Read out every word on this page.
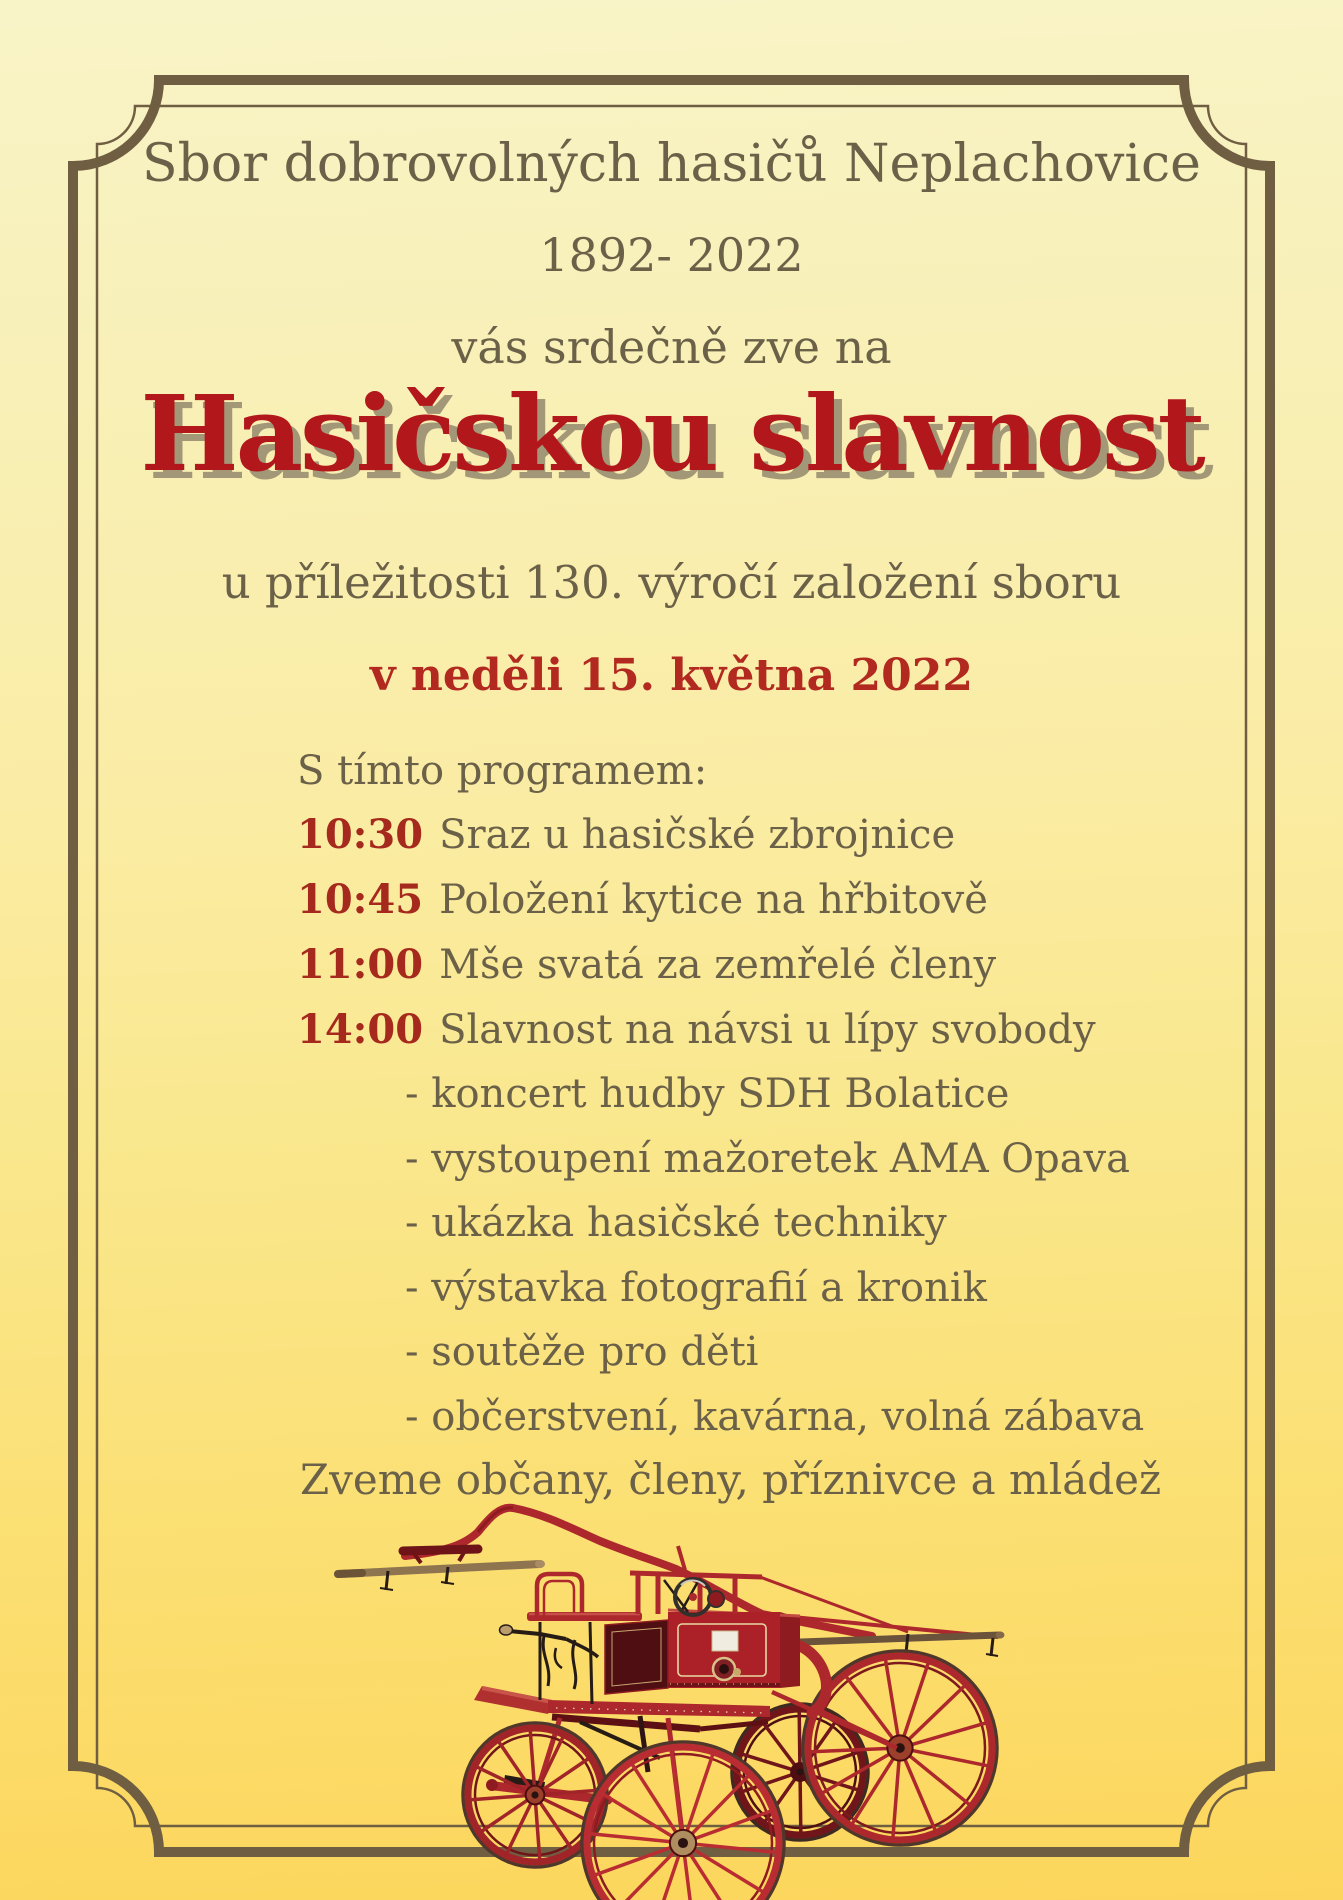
Sbor dobrovolných hasičů Neplachovice
1892- 2022
vás srdečně zve na
Hasičskou slavnost
u příležitosti 130. výročí založení sboru
v neděli 15. května 2022
S tímto programem:
10:30 Sraz u hasičské zbrojnice
10:45 Položení kytice na hřbitově
11:00 Mše svatá za zemřelé členy
14:00 Slavnost na návsi u lípy svobody
- koncert hudby SDH Bolatice
- vystoupení mažoretek AMA Opava
- ukázka hasičské techniky
- výstavka fotografií a kronik
- soutěže pro děti
- občerstvení, kavárna, volná zábava
Zveme občany, členy, příznivce a mládež
